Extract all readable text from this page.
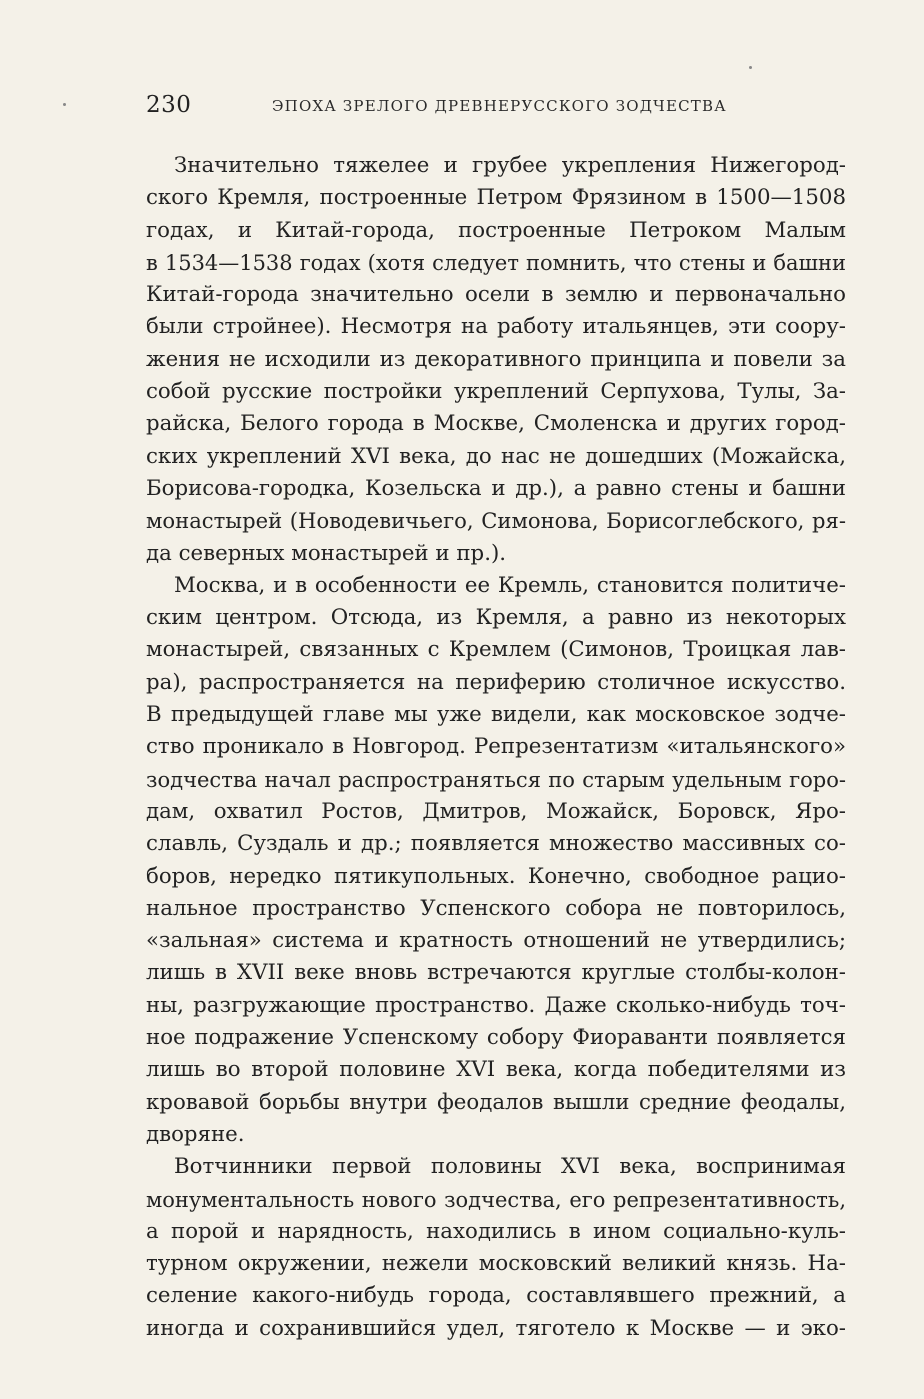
230	ЭПОХА ЗРЕЛОГО ДРЕВНЕРУССКОГО ЗОДЧЕСТВА
Значительно тяжелее и грубее укрепления Нижегород-
ского Кремля, построенные Петром Фрязином в 1500—1508
годах, и Китай-города, построенные Петроком Малым
в 1534—1538 годах (хотя следует помнить, что стены и башни
Китай-города значительно осели в землю и первоначально
были стройнее). Несмотря на работу итальянцев, эти соору-
жения не исходили из декоративного принципа и повели за
собой русские постройки укреплений Серпухова, Тулы, За-
райска, Белого города в Москве, Смоленска и других город-
ских укреплений XVI века, до нас не дошедших (Можайска,
Борисова-городка, Козельска и др.), а равно стены и башни
монастырей (Новодевичьего, Симонова, Борисоглебского, ря-
да северных монастырей и пр.).
Москва, и в особенности ее Кремль, становится политиче-
ским центром. Отсюда, из Кремля, а равно из некоторых
монастырей, связанных с Кремлем (Симонов, Троицкая лав-
ра), распространяется на периферию столичное искусство.
В предыдущей главе мы уже видели, как московское зодче-
ство проникало в Новгород. Репрезентатизм «итальянского»
зодчества начал распространяться по старым удельным горо-
дам, охватил Ростов, Дмитров, Можайск, Боровск, Яро-
славль, Суздаль и др.; появляется множество массивных со-
боров, нередко пятикупольных. Конечно, свободное рацио-
нальное пространство Успенского собора не повторилось,
«зальная» система и кратность отношений не утвердились;
лишь в XVII веке вновь встречаются круглые столбы-колон-
ны, разгружающие пространство. Даже сколько-нибудь точ-
ное подражение Успенскому собору Фиораванти появляется
лишь во второй половине XVI века, когда победителями из
кровавой борьбы внутри феодалов вышли средние феодалы,
дворяне.
Вотчинники первой половины XVI века, воспринимая
монументальность нового зодчества, его репрезентативность,
а порой и нарядность, находились в ином социально-куль-
турном окружении, нежели московский великий князь. На-
селение какого-нибудь города, составлявшего прежний, а
иногда и сохранившийся удел, тяготело к Москве — и эко-
